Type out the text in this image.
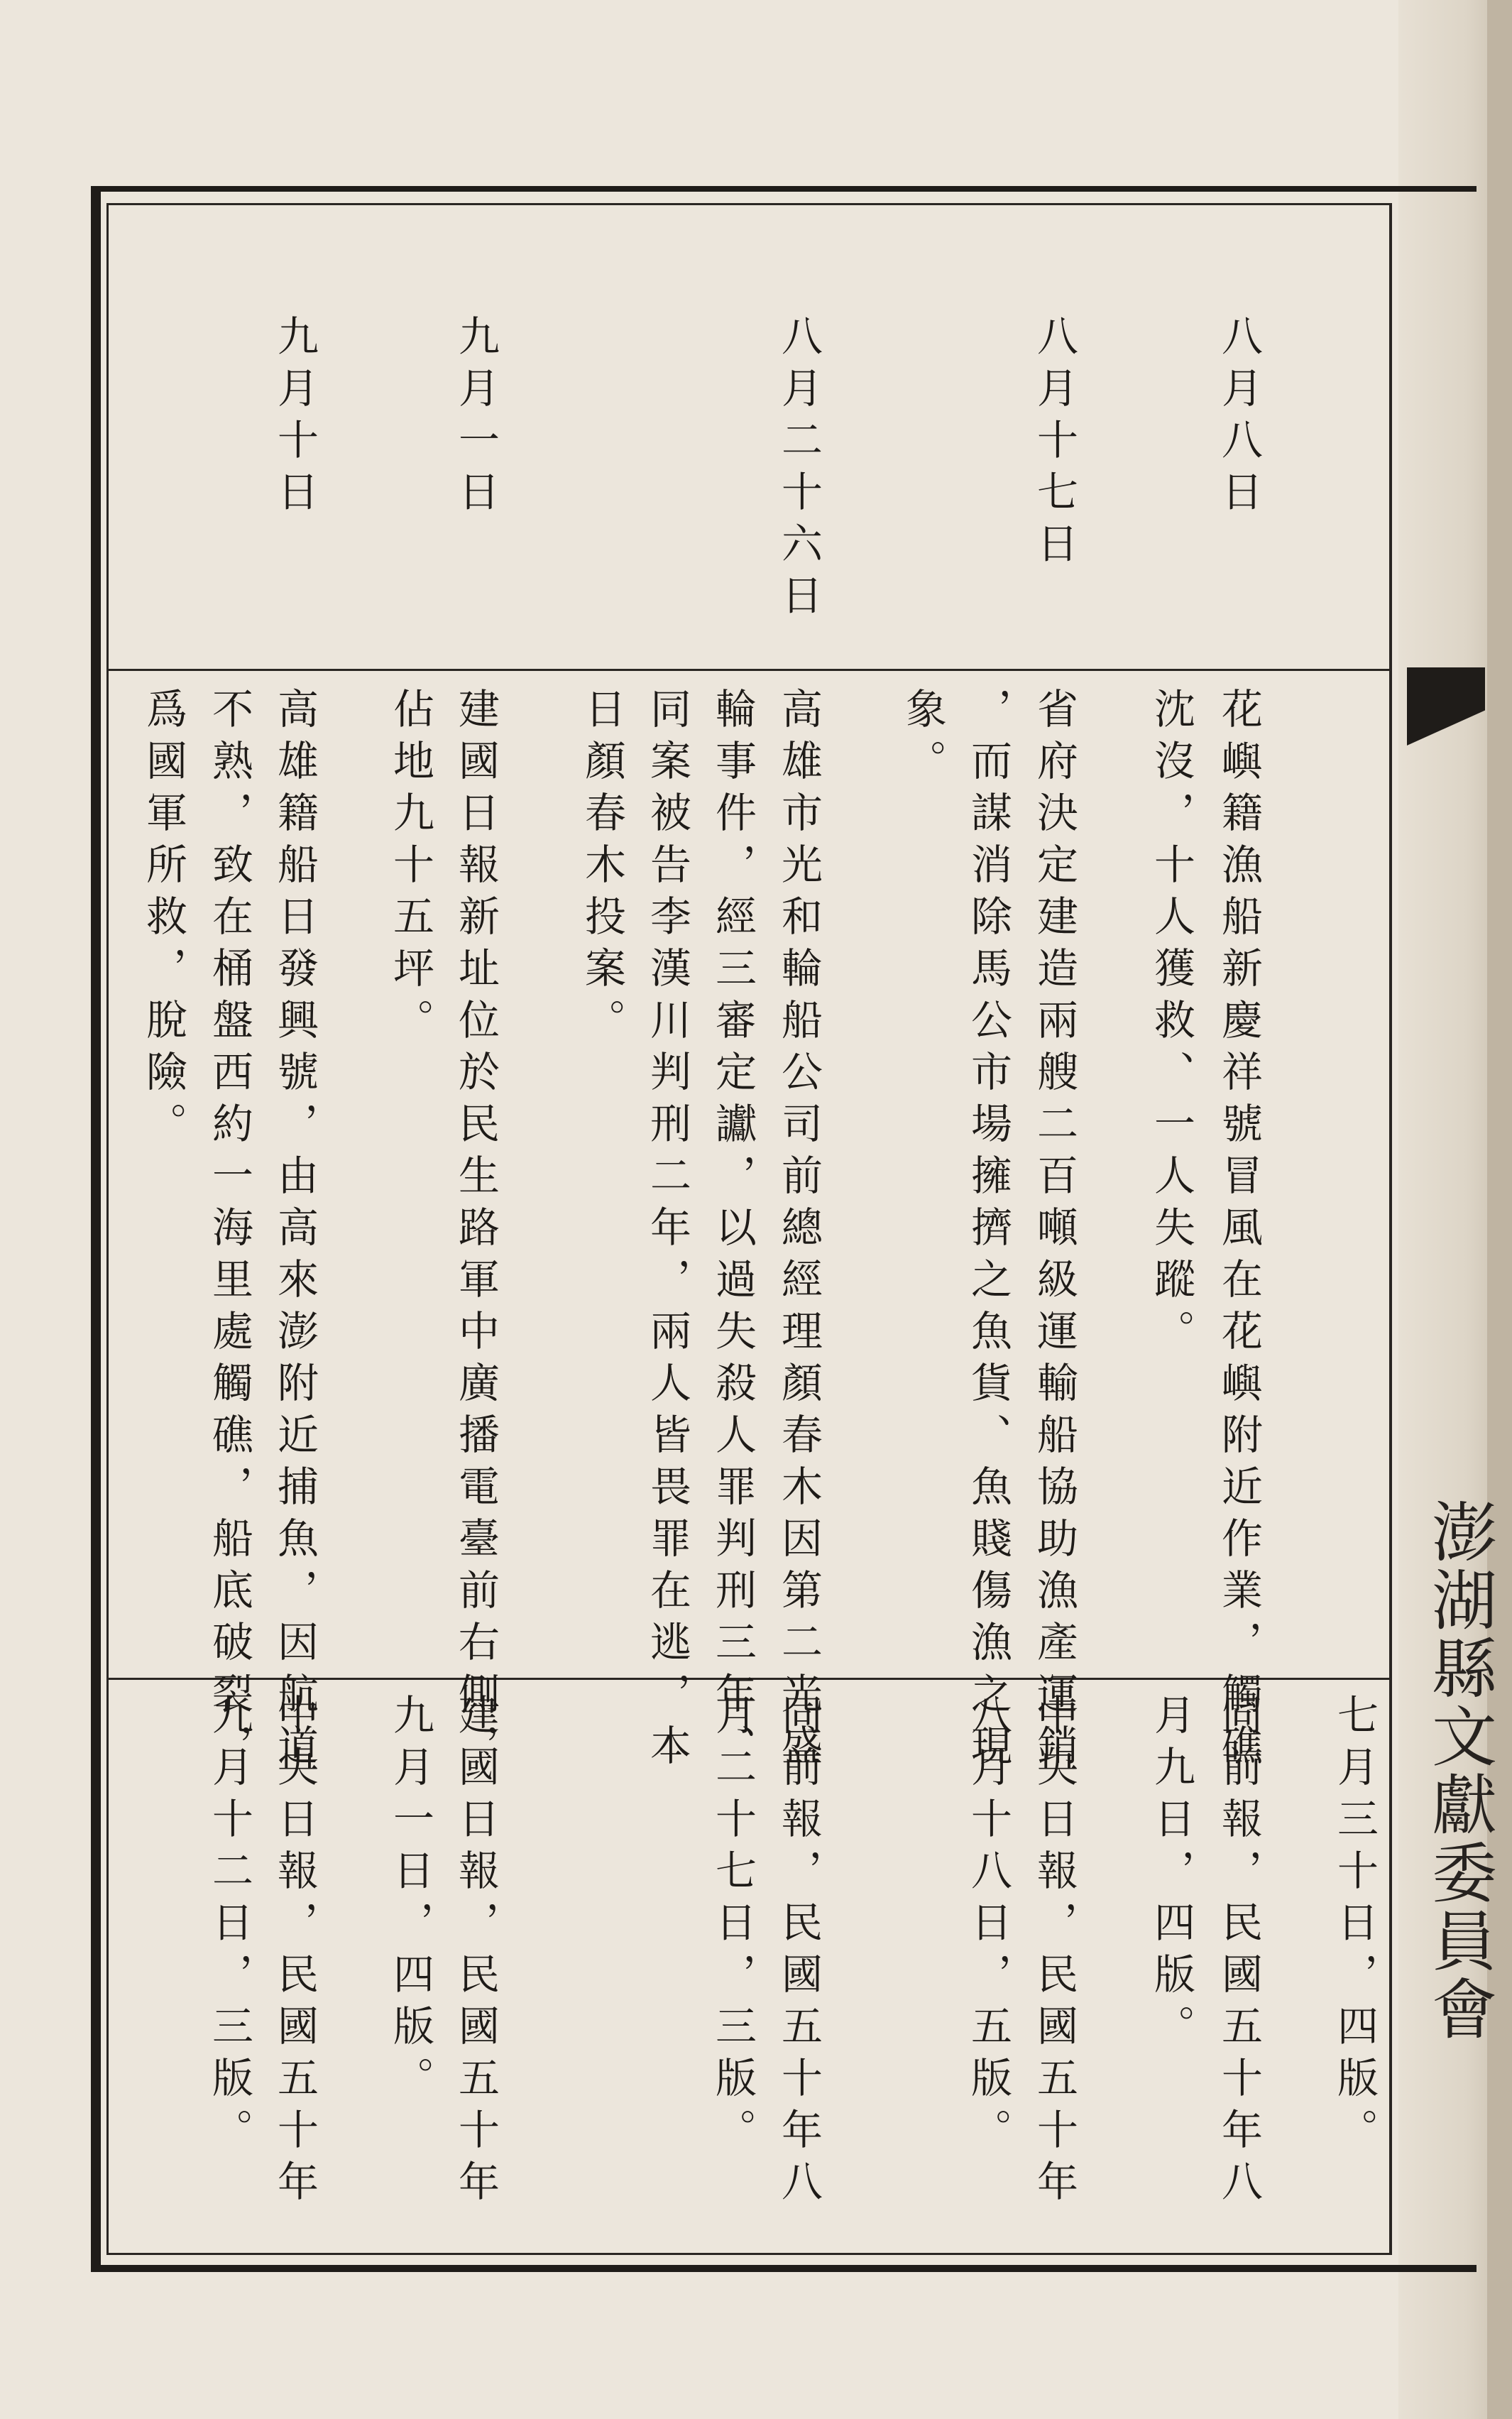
澎湖縣文獻委員會
七月三十日，四版。
八月八日
花嶼籍漁船新慶祥號冒風在花嶼附近作業，觸礁
沈沒，十人獲救、一人失蹤。
同前報，民國五十年八
月九日，四版。
八月十七日
省府決定建造兩艘二百噸級運輸船協助漁產運銷
，而謀消除馬公市場擁擠之魚貨、魚賤傷漁之現
象。
中央日報，民國五十年
八月十八日，五版。
八月二十六日
高雄市光和輪船公司前總經理顏春木因第二光盛
輪事件，經三審定讞，以過失殺人罪判刑三年、
同案被告李漢川判刑二年，兩人皆畏罪在逃，本
日顏春木投案。
同前報，民國五十年八
月二十七日，三版。
九月一日
建國日報新址位於民生路軍中廣播電臺前右側，
佔地九十五坪。
建國日報，民國五十年
九月一日，四版。
九月十日
高雄籍船日發興號，由高來澎附近捕魚，因航道
不熟，致在桶盤西約一海里處觸礁，船底破裂，
爲國軍所救，脫險。
中央日報，民國五十年
九月十二日，三版。
